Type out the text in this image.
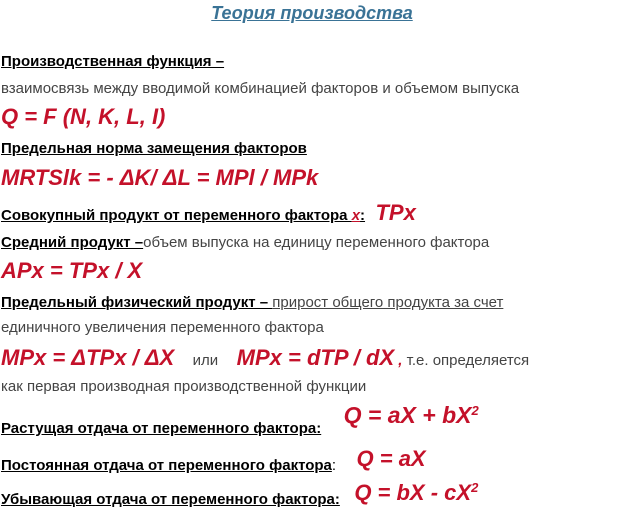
Теория производства
Производственная функция –
взаимосвязь между вводимой комбинацией факторов и объемом выпуска
Q = F (N, K, L, I)
Предельная норма замещения факторов
MRTSlk = - ΔK/ ΔL = MPl / MPk
Совокупный продукт от переменного фактора x: TPx
Средний продукт –объем выпуска на единицу переменного фактора
APx = TPx / X
Предельный физический продукт – прирост общего продукта за счет
единичного увеличения переменного фактора
MPx = ΔTPx / ΔX или MPx = dTP / dX , т.е. определяется
как первая производная производственной функции
Растущая отдача от переменного фактора: Q = aX + $bX^2$
Постоянная отдача от переменного фактора: Q = aX
Убывающая отдача от переменного фактора: Q = bX - $cX^2$
